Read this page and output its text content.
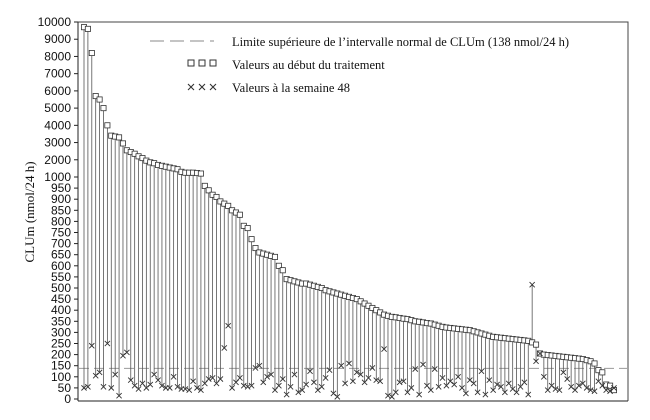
0
50
100
150
200
250
300
350
400
450
500
550
600
650
700
750
800
850
900
950
1000
2000
3000
4000
5000
6000
7000
8000
9000
10000
Limite supérieure de l’intervalle normal de CLUm (138 nmol/24 h)
Valeurs au début du traitement
Valeurs à la semaine 48
CLUm (nmol/24 h)
